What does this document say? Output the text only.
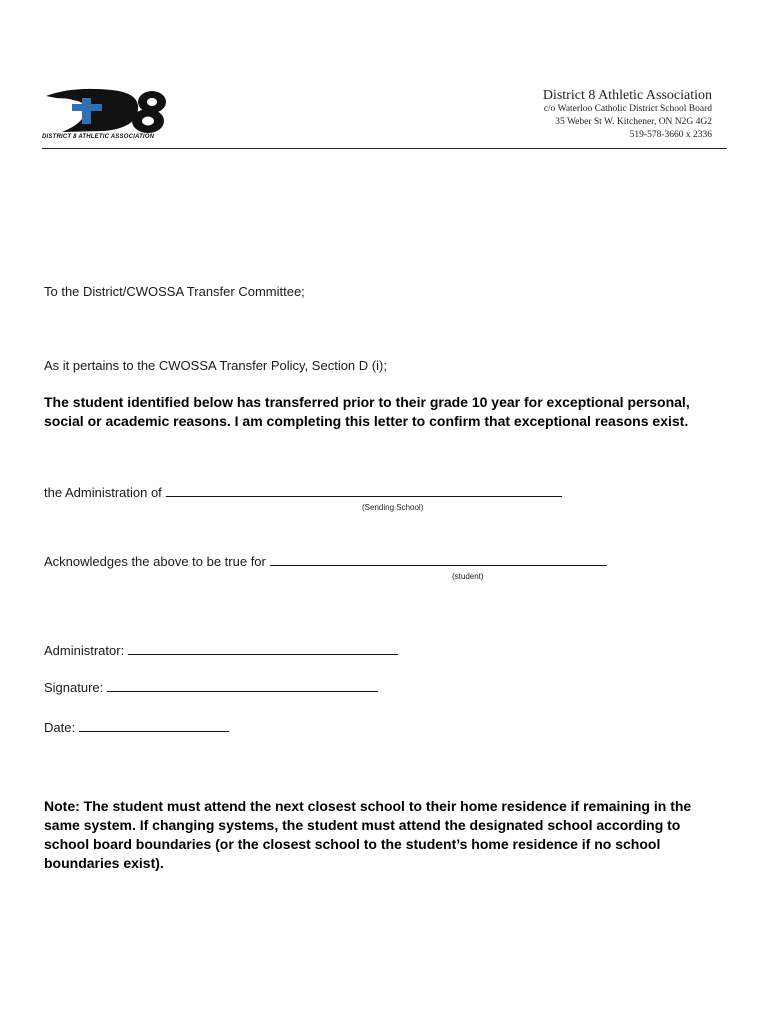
DISTRICT 8 ATHLETIC ASSOCIATION
District 8 Athletic Association
c/o Waterloo Catholic District School Board
35 Weber St W. Kitchener, ON N2G 4G2
519-578-3660 x 2336
To the District/CWOSSA Transfer Committee;
As it pertains to the CWOSSA Transfer Policy, Section D (i);
The student identified below has transferred prior to their grade 10 year for exceptional personal, social or academic reasons. I am completing this letter to confirm that exceptional reasons exist.
the Administration of
(Sending School)
Acknowledges the above to be true for
(student)
Administrator:
Signature:
Date:
Note: The student must attend the next closest school to their home residence if remaining in the same system. If changing systems, the student must attend the designated school according to school board boundaries (or the closest school to the student’s home residence if no school boundaries exist).
